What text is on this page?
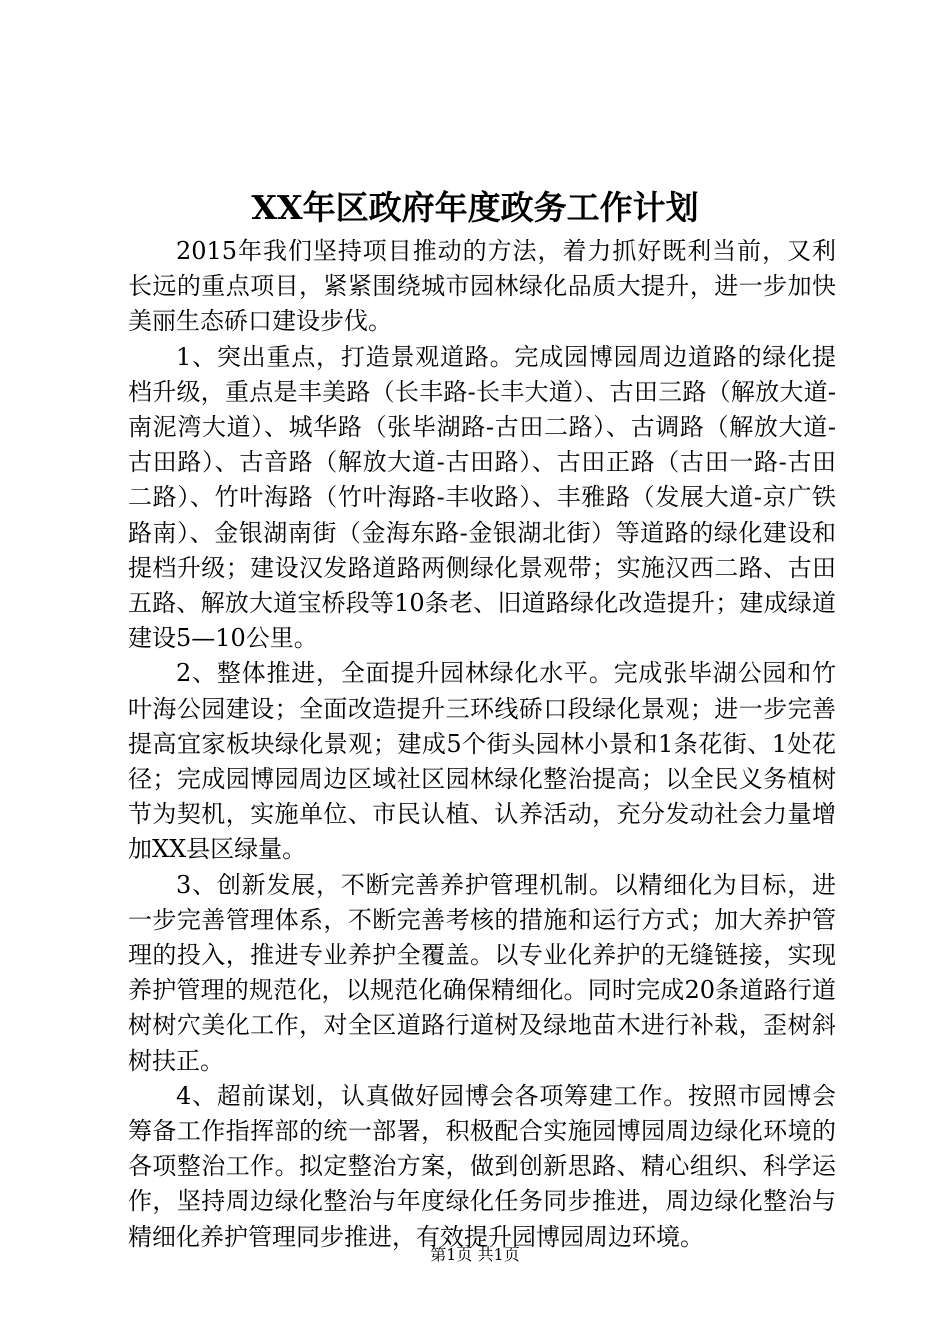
XX年区政府年度政务工作计划

2015年我们坚持项目推动的方法，着力抓好既利当前，又利长远的重点项目，紧紧围绕城市园林绿化品质大提升，进一步加快美丽生态硚口建设步伐。

1、突出重点，打造景观道路。完成园博园周边道路的绿化提档升级，重点是丰美路（长丰路-长丰大道）、古田三路（解放大道-南泥湾大道）、城华路（张毕湖路-古田二路）、古调路（解放大道-古田路）、古音路（解放大道-古田路）、古田正路（古田一路-古田二路）、竹叶海路（竹叶海路-丰收路）、丰雅路（发展大道-京广铁路南）、金银湖南街（金海东路-金银湖北街）等道路的绿化建设和提档升级；建设汉发路道路两侧绿化景观带；实施汉西二路、古田五路、解放大道宝桥段等10条老、旧道路绿化改造提升；建成绿道建设5—10公里。

2、整体推进，全面提升园林绿化水平。完成张毕湖公园和竹叶海公园建设；全面改造提升三环线硚口段绿化景观；进一步完善提高宜家板块绿化景观；建成5个街头园林小景和1条花街、1处花径；完成园博园周边区域社区园林绿化整治提高；以全民义务植树节为契机，实施单位、市民认植、认养活动，充分发动社会力量增加XX县区绿量。

3、创新发展，不断完善养护管理机制。以精细化为目标，进一步完善管理体系，不断完善考核的措施和运行方式；加大养护管理的投入，推进专业养护全覆盖。以专业化养护的无缝链接，实现养护管理的规范化，以规范化确保精细化。同时完成20条道路行道树树穴美化工作，对全区道路行道树及绿地苗木进行补栽，歪树斜树扶正。

4、超前谋划，认真做好园博会各项筹建工作。按照市园博会筹备工作指挥部的统一部署，积极配合实施园博园周边绿化环境的各项整治工作。拟定整治方案，做到创新思路、精心组织、科学运作，坚持周边绿化整治与年度绿化任务同步推进，周边绿化整治与精细化养护管理同步推进，有效提升园博园周边环境。

第1页 共1页
